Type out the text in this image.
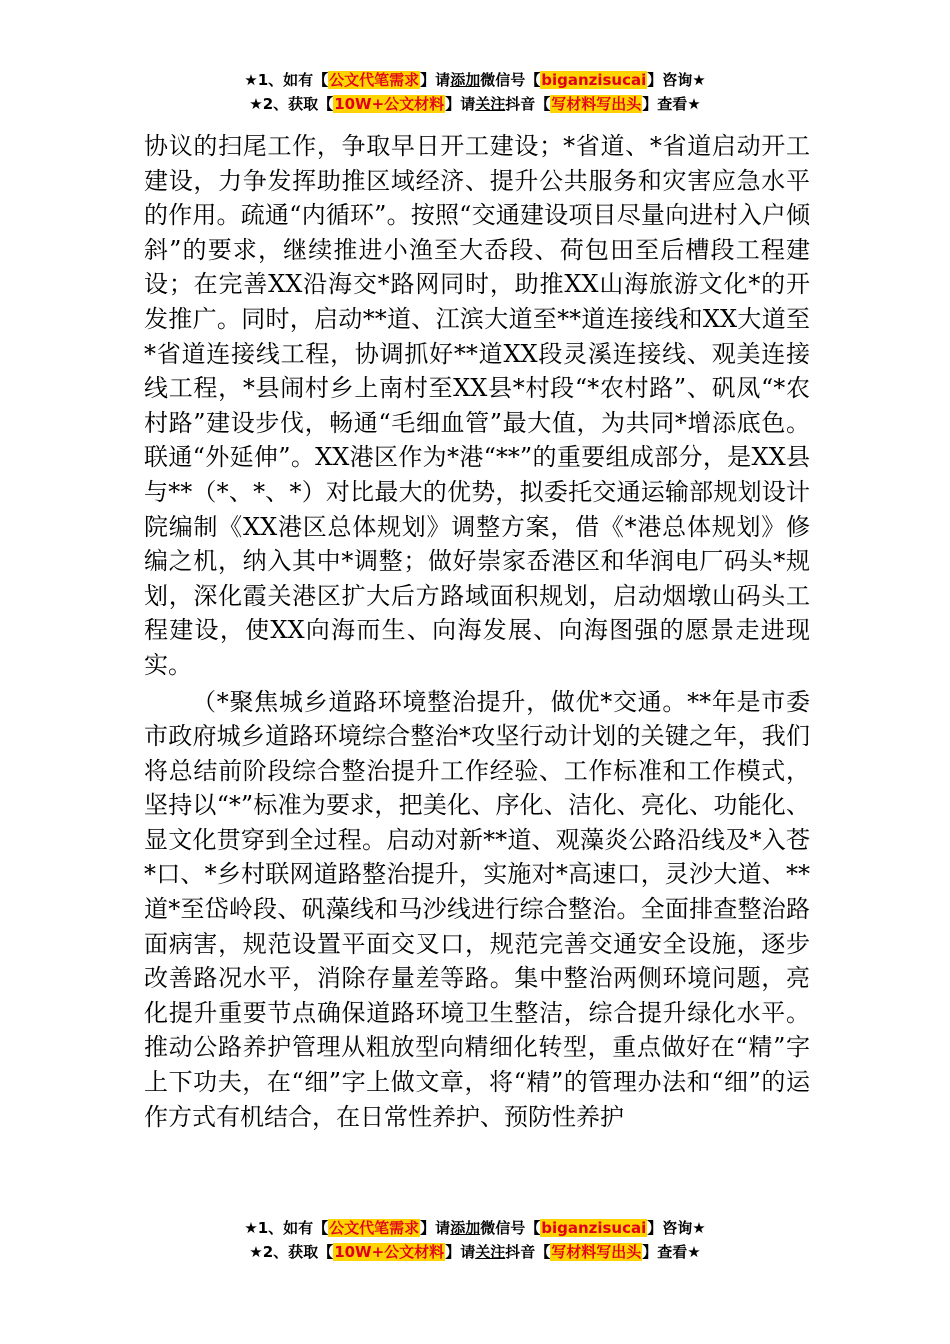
★1、如有【公文代笔需求】请添加微信号【biganzisucai】咨询★
★2、获取【10W+公文材料】请关注抖音【写材料写出头】查看★

协议的扫尾工作，争取早日开工建设；*省道、*省道启动开工建设，力争发挥助推区域经济、提升公共服务和灾害应急水平的作用。疏通“内循环”。按照“交通建设项目尽量向进村入户倾斜”的要求，继续推进小渔至大岙段、荷包田至后槽段工程建设；在完善XX沿海交*路网同时，助推XX山海旅游文化*的开发推广。同时，启动**道、江滨大道至**道连接线和XX大道至*省道连接线工程，协调抓好**道XX段灵溪连接线、观美连接线工程，*县闹村乡上南村至XX县*村段“*农村路”、矾凤“*农村路”建设步伐，畅通“毛细血管”最大值，为共同*增添底色。联通“外延伸”。XX港区作为*港“**”的重要组成部分，是XX县与**（*、*、*）对比最大的优势，拟委托交通运输部规划设计院编制《XX港区总体规划》调整方案，借《*港总体规划》修编之机，纳入其中*调整；做好崇家岙港区和华润电厂码头*规划，深化霞关港区扩大后方路域面积规划，启动烟墩山码头工程建设，使XX向海而生、向海发展、向海图强的愿景走进现实。

（*聚焦城乡道路环境整治提升，做优*交通。**年是市委市政府城乡道路环境综合整治*攻坚行动计划的关键之年，我们将总结前阶段综合整治提升工作经验、工作标准和工作模式，坚持以“*”标准为要求，把美化、序化、洁化、亮化、功能化、显文化贯穿到全过程。启动对新**道、观藻炎公路沿线及*入苍*口、*乡村联网道路整治提升，实施对*高速口，灵沙大道、**道*至岱岭段、矾藻线和马沙线进行综合整治。全面排查整治路面病害，规范设置平面交叉口，规范完善交通安全设施，逐步改善路况水平，消除存量差等路。集中整治两侧环境问题，亮化提升重要节点确保道路环境卫生整洁，综合提升绿化水平。推动公路养护管理从粗放型向精细化转型，重点做好在“精”字上下功夫，在“细”字上做文章，将“精”的管理办法和“细”的运作方式有机结合，在日常性养护、预防性养护

★1、如有【公文代笔需求】请添加微信号【biganzisucai】咨询★
★2、获取【10W+公文材料】请关注抖音【写材料写出头】查看★
